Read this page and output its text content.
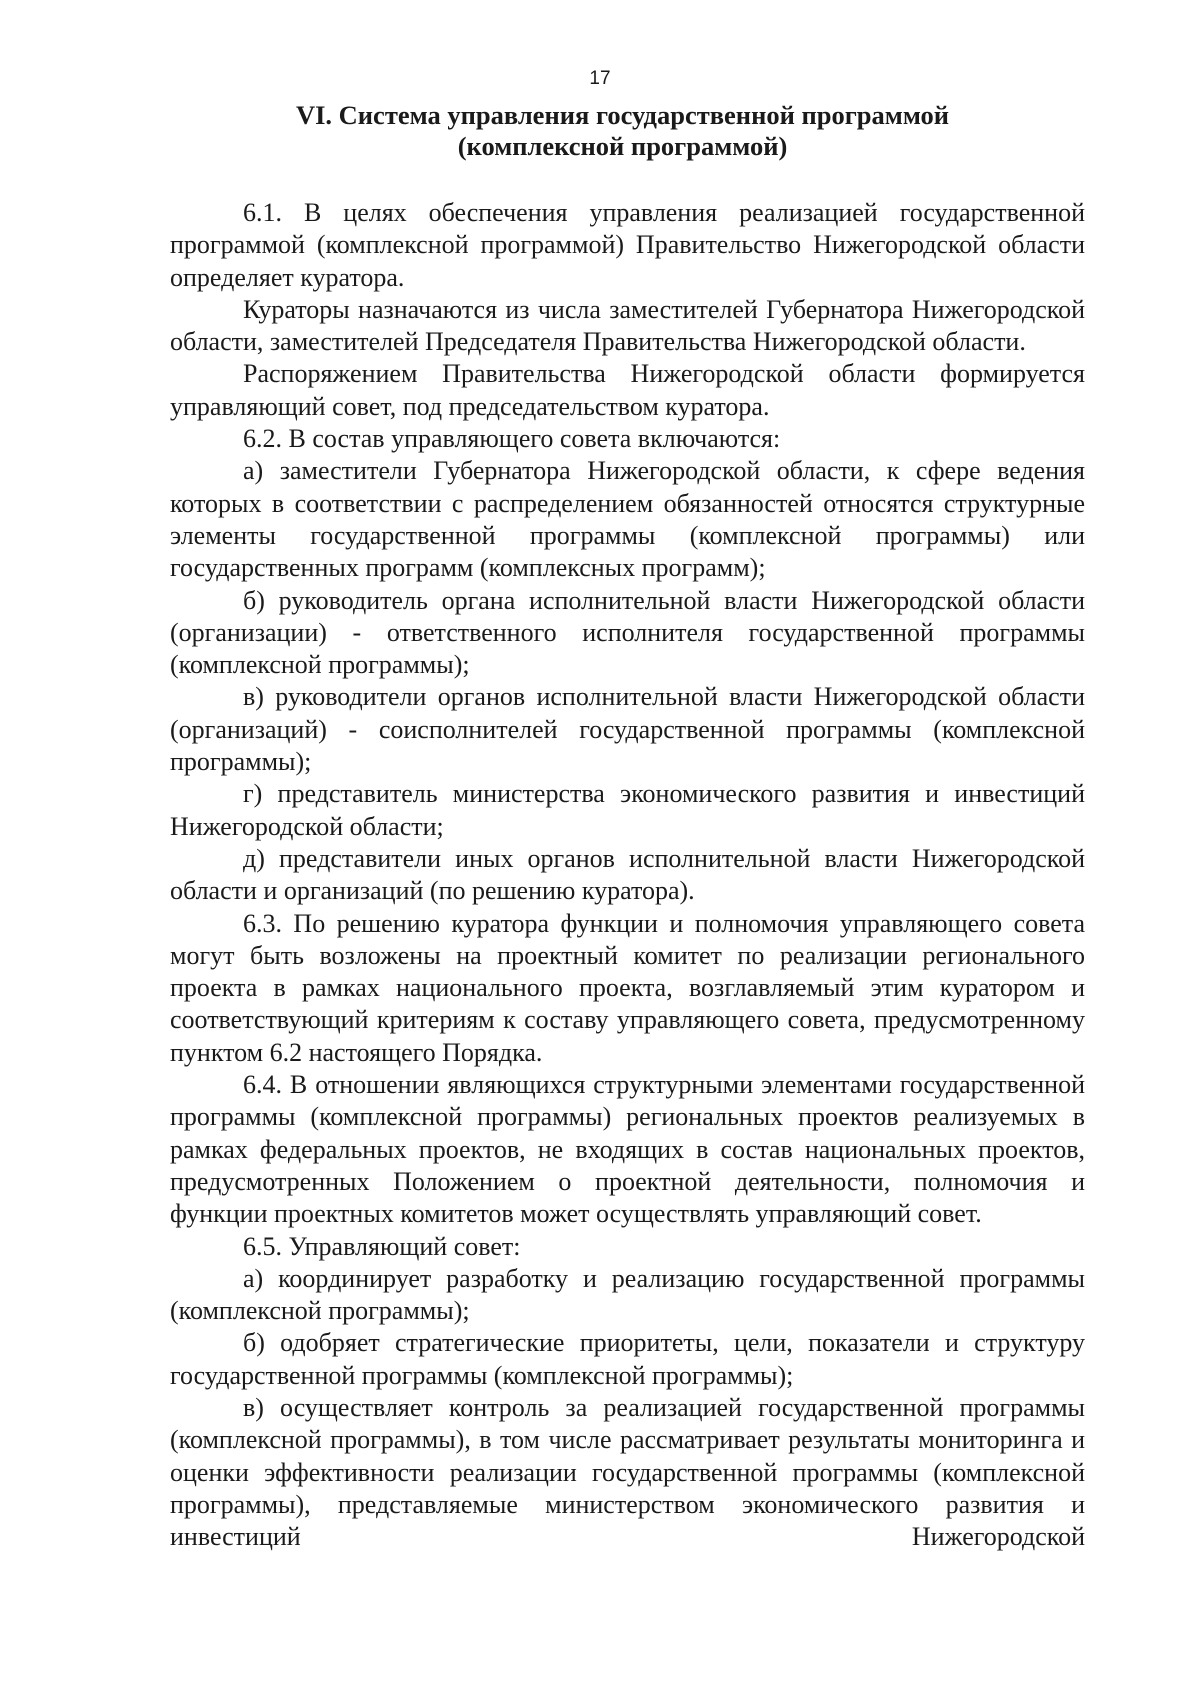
17
VI. Система управления государственной программой
(комплексной программой)

6.1. В целях обеспечения управления реализацией государственной программой (комплексной программой) Правительство Нижегородской области определяет куратора.

Кураторы назначаются из числа заместителей Губернатора Нижегородской области, заместителей Председателя Правительства Нижегородской области.

Распоряжением Правительства Нижегородской области формируется управляющий совет, под председательством куратора.

6.2. В состав управляющего совета включаются:

а) заместители Губернатора Нижегородской области, к сфере ведения которых в соответствии с распределением обязанностей относятся структурные элементы государственной программы (комплексной программы) или государственных программ (комплексных программ);

б) руководитель органа исполнительной власти Нижегородской области (организации) - ответственного исполнителя государственной программы (комплексной программы);

в) руководители органов исполнительной власти Нижегородской области (организаций) - соисполнителей государственной программы (комплексной программы);

г) представитель министерства экономического развития и инвестиций Нижегородской области;

д) представители иных органов исполнительной власти Нижегородской области и организаций (по решению куратора).

6.3. По решению куратора функции и полномочия управляющего совета могут быть возложены на проектный комитет по реализации регионального проекта в рамках национального проекта, возглавляемый этим куратором и соответствующий критериям к составу управляющего совета, предусмотренному пунктом 6.2 настоящего Порядка.

6.4. В отношении являющихся структурными элементами государственной программы (комплексной программы) региональных проектов реализуемых в рамках федеральных проектов, не входящих в состав национальных проектов, предусмотренных Положением о проектной деятельности, полномочия и функции проектных комитетов может осуществлять управляющий совет.

6.5. Управляющий совет:

а) координирует разработку и реализацию государственной программы (комплексной программы);

б) одобряет стратегические приоритеты, цели, показатели и структуру государственной программы (комплексной программы);

в) осуществляет контроль за реализацией государственной программы (комплексной программы), в том числе рассматривает результаты мониторинга и оценки эффективности реализации государственной программы (комплексной программы), представляемые министерством экономического развития и инвестиций Нижегородской
